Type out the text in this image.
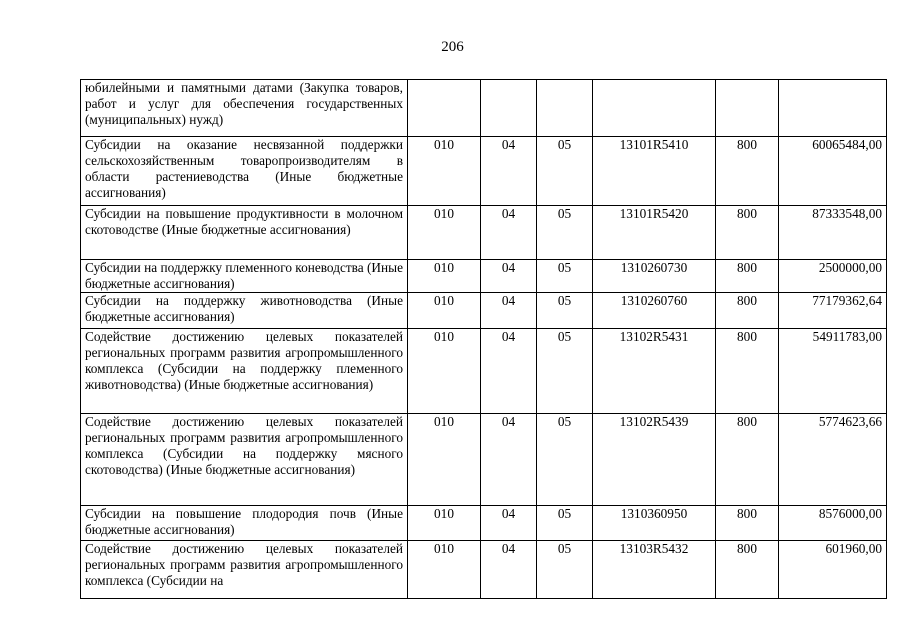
206
юбилейными и памятными датами (Закупка товаров, работ и услуг для обеспечения государственных (муниципальных) нужд)						
Субсидии на оказание несвязанной поддержки сельскохозяйственным товаропроизводителям в области растениеводства (Иные бюджетные ассигнования)	010	04	05	13101R5410	800	60065484,00
Субсидии на повышение продуктивности в молочном скотоводстве (Иные бюджетные ассигнования)	010	04	05	13101R5420	800	87333548,00
Субсидии на поддержку племенного коневодства (Иные бюджетные ассигнования)	010	04	05	1310260730	800	2500000,00
Субсидии на поддержку животноводства (Иные бюджетные ассигнования)	010	04	05	1310260760	800	77179362,64
Содействие достижению целевых показателей региональных программ развития агропромышленного комплекса (Субсидии на поддержку племенного животноводства) (Иные бюджетные ассигнования)	010	04	05	13102R5431	800	54911783,00
Содействие достижению целевых показателей региональных программ развития агропромышленного комплекса (Субсидии на поддержку мясного скотоводства) (Иные бюджетные ассигнования)	010	04	05	13102R5439	800	5774623,66
Субсидии на повышение плодородия почв (Иные бюджетные ассигнования)	010	04	05	1310360950	800	8576000,00
Содействие достижению целевых показателей региональных программ развития агропромышленного комплекса (Субсидии на	010	04	05	13103R5432	800	601960,00
